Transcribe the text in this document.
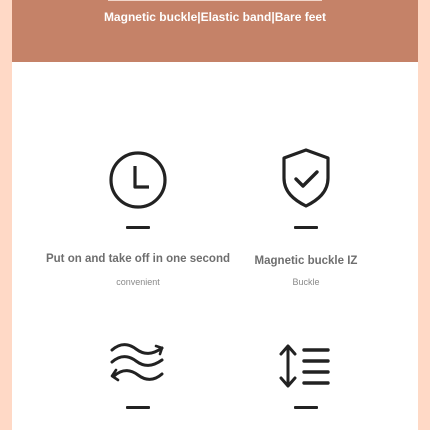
Magnetic buckle|Elastic band|Bare feet
Put on and take off in one second
convenient
Magnetic buckle IZ
Buckle
